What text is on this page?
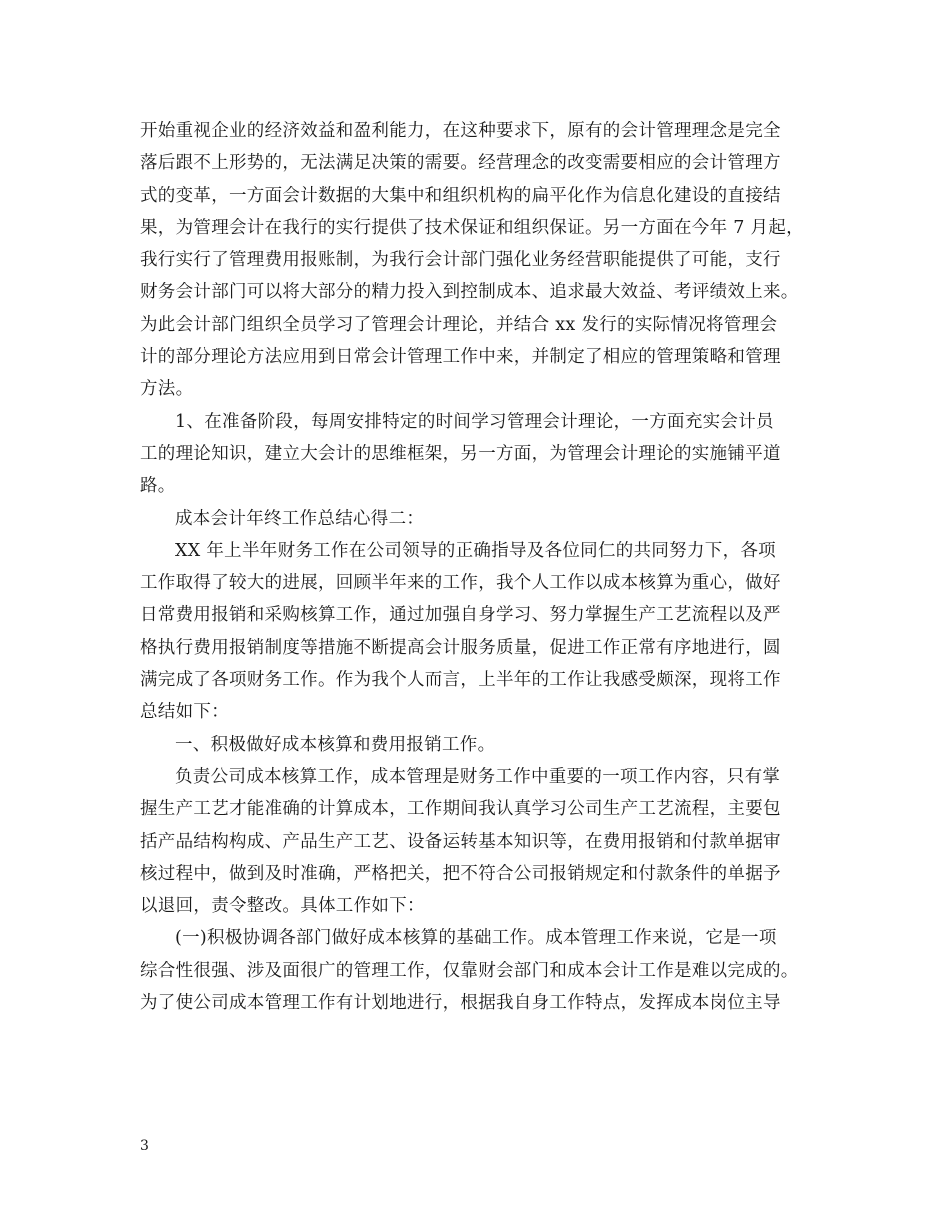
开始重视企业的经济效益和盈利能力，在这种要求下，原有的会计管理理念是完全
落后跟不上形势的，无法满足决策的需要。经营理念的改变需要相应的会计管理方
式的变革，一方面会计数据的大集中和组织机构的扁平化作为信息化建设的直接结
果，为管理会计在我行的实行提供了技术保证和组织保证。另一方面在今年 7 月起，
我行实行了管理费用报账制，为我行会计部门强化业务经营职能提供了可能，支行
财务会计部门可以将大部分的精力投入到控制成本、追求最大效益、考评绩效上来。
为此会计部门组织全员学习了管理会计理论，并结合 xx 发行的实际情况将管理会
计的部分理论方法应用到日常会计管理工作中来，并制定了相应的管理策略和管理
方法。
1、在准备阶段，每周安排特定的时间学习管理会计理论，一方面充实会计员
工的理论知识，建立大会计的思维框架，另一方面，为管理会计理论的实施铺平道
路。
成本会计年终工作总结心得二：
XX 年上半年财务工作在公司领导的正确指导及各位同仁的共同努力下，各项
工作取得了较大的进展，回顾半年来的工作，我个人工作以成本核算为重心，做好
日常费用报销和采购核算工作，通过加强自身学习、努力掌握生产工艺流程以及严
格执行费用报销制度等措施不断提高会计服务质量，促进工作正常有序地进行，圆
满完成了各项财务工作。作为我个人而言，上半年的工作让我感受颇深，现将工作
总结如下：
一、积极做好成本核算和费用报销工作。
负责公司成本核算工作，成本管理是财务工作中重要的一项工作内容，只有掌
握生产工艺才能准确的计算成本，工作期间我认真学习公司生产工艺流程，主要包
括产品结构构成、产品生产工艺、设备运转基本知识等，在费用报销和付款单据审
核过程中，做到及时准确，严格把关，把不符合公司报销规定和付款条件的单据予
以退回，责令整改。具体工作如下：
(一)积极协调各部门做好成本核算的基础工作。成本管理工作来说，它是一项
综合性很强、涉及面很广的管理工作，仅靠财会部门和成本会计工作是难以完成的。
为了使公司成本管理工作有计划地进行，根据我自身工作特点，发挥成本岗位主导
3
